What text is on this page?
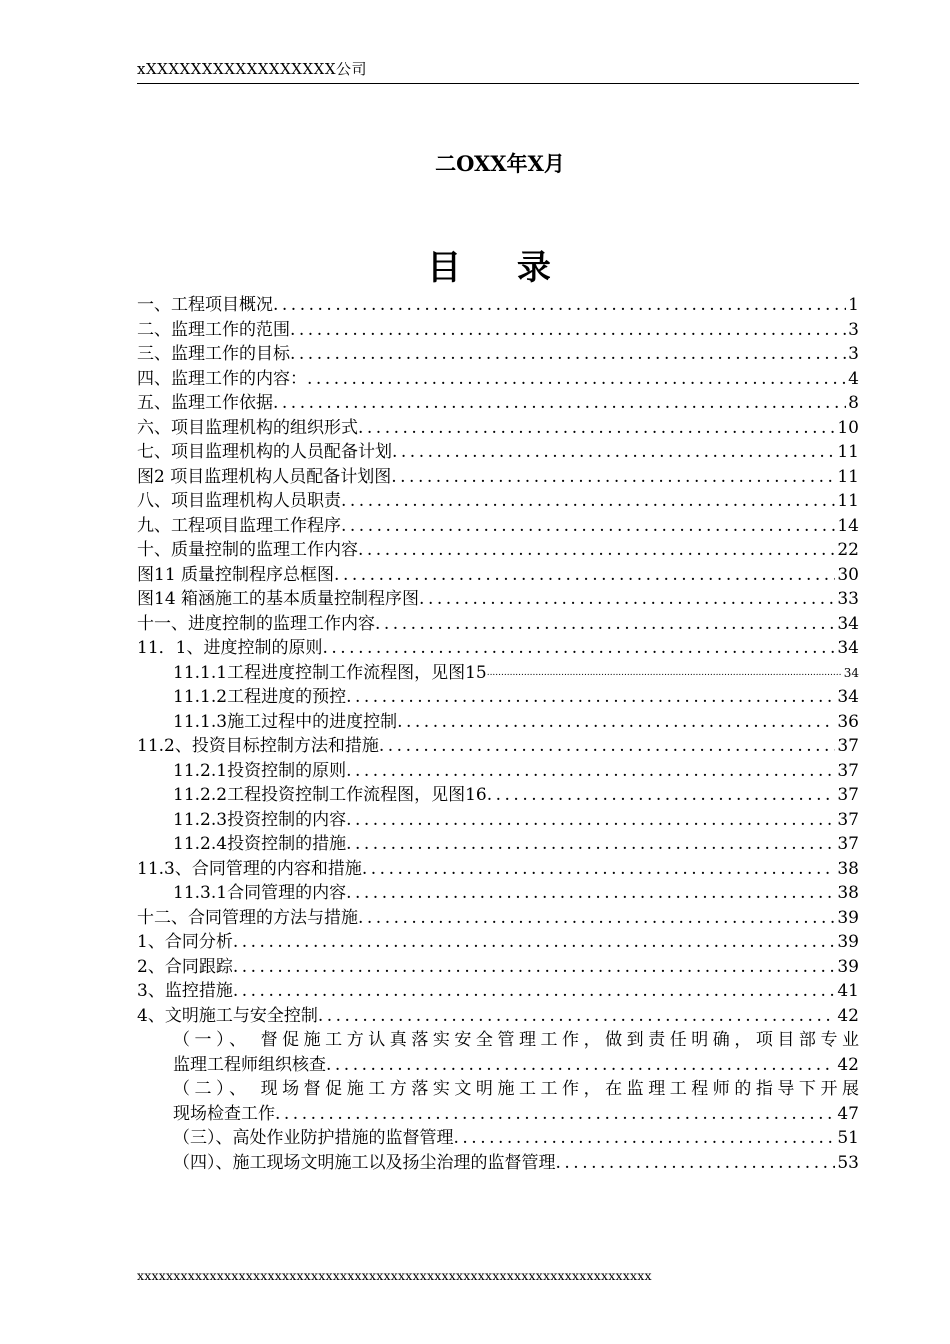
xXXXXXXXXXXXXXXXXX公司
二OXX年X月
目 录
一、工程项目概况 .....	1
二、监理工作的范围 .....	3
三、监理工作的目标 .....	3
四、监理工作的内容： .....	4
五、监理工作依据 .....	8
六、项目监理机构的组织形式 .....	10
七、项目监理机构的人员配备计划 .....	11
图2 项目监理机构人员配备计划图 .....	11
八、项目监理机构人员职责 .....	11
九、工程项目监理工作程序 .....	14
十、质量控制的监理工作内容 .....	22
图11 质量控制程序总框图 .....	30
图14 箱涵施工的基本质量控制程序图 .....	33
十一、进度控制的监理工作内容 .....	34
11．1、进度控制的原则 .....	34
11.1.1工程进度控制工作流程图，见图15 .....	34
11.1.2工程进度的预控 .....	34
11.1.3施工过程中的进度控制 .....	36
11.2、投资目标控制方法和措施 .....	37
11.2.1投资控制的原则 .....	37
11.2.2工程投资控制工作流程图，见图16 .....	37
11.2.3投资控制的内容 .....	37
11.2.4投资控制的措施 .....	37
11.3、合同管理的内容和措施 .....	38
11.3.1合同管理的内容 .....	38
十二、合同管理的方法与措施 .....	39
1、合同分析 .....	39
2、合同跟踪 .....	39
3、监控措施 .....	41
4、文明施工与安全控制 .....	42
（一）、 督促施工方认真落实安全管理工作，做到责任明确，项目部专业
监理工程师组织核查 .....	42
（二）、 现场督促施工方落实文明施工工作，在监理工程师的指导下开展
现场检查工作 .....	47
（三）、高处作业防护措施的监督管理 .....	51
（四）、施工现场文明施工以及扬尘治理的监督管理 .....	53
xxxxxxxxxxxxxxxxxxxxxxxxxxxxxxxxxxxxxxxxxxxxxxxxxxxxxxxxxxxxxxxxxxxxxxx
